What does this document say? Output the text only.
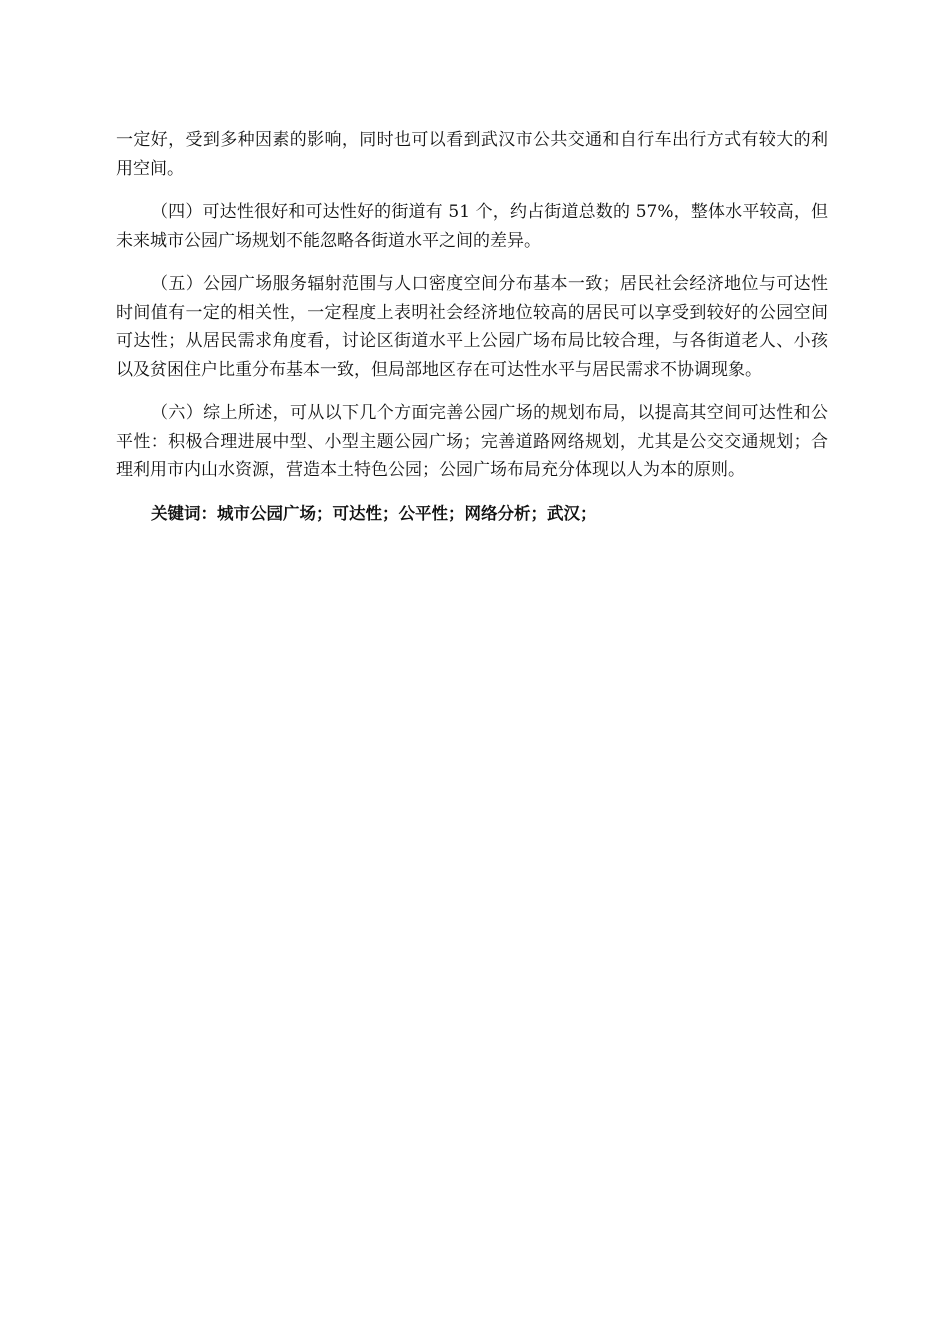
一定好，受到多种因素的影响，同时也可以看到武汉市公共交通和自行车出行方式有较大的利用空间。

（四）可达性很好和可达性好的街道有 51 个，约占街道总数的 57%，整体水平较高，但未来城市公园广场规划不能忽略各街道水平之间的差异。

（五）公园广场服务辐射范围与人口密度空间分布基本一致；居民社会经济地位与可达性时间值有一定的相关性，一定程度上表明社会经济地位较高的居民可以享受到较好的公园空间可达性；从居民需求角度看，讨论区街道水平上公园广场布局比较合理，与各街道老人、小孩以及贫困住户比重分布基本一致，但局部地区存在可达性水平与居民需求不协调现象。

（六）综上所述，可从以下几个方面完善公园广场的规划布局，以提高其空间可达性和公平性：积极合理进展中型、小型主题公园广场；完善道路网络规划，尤其是公交交通规划；合理利用市内山水资源，营造本土特色公园；公园广场布局充分体现以人为本的原则。

关键词：城市公园广场；可达性；公平性；网络分析；武汉；
